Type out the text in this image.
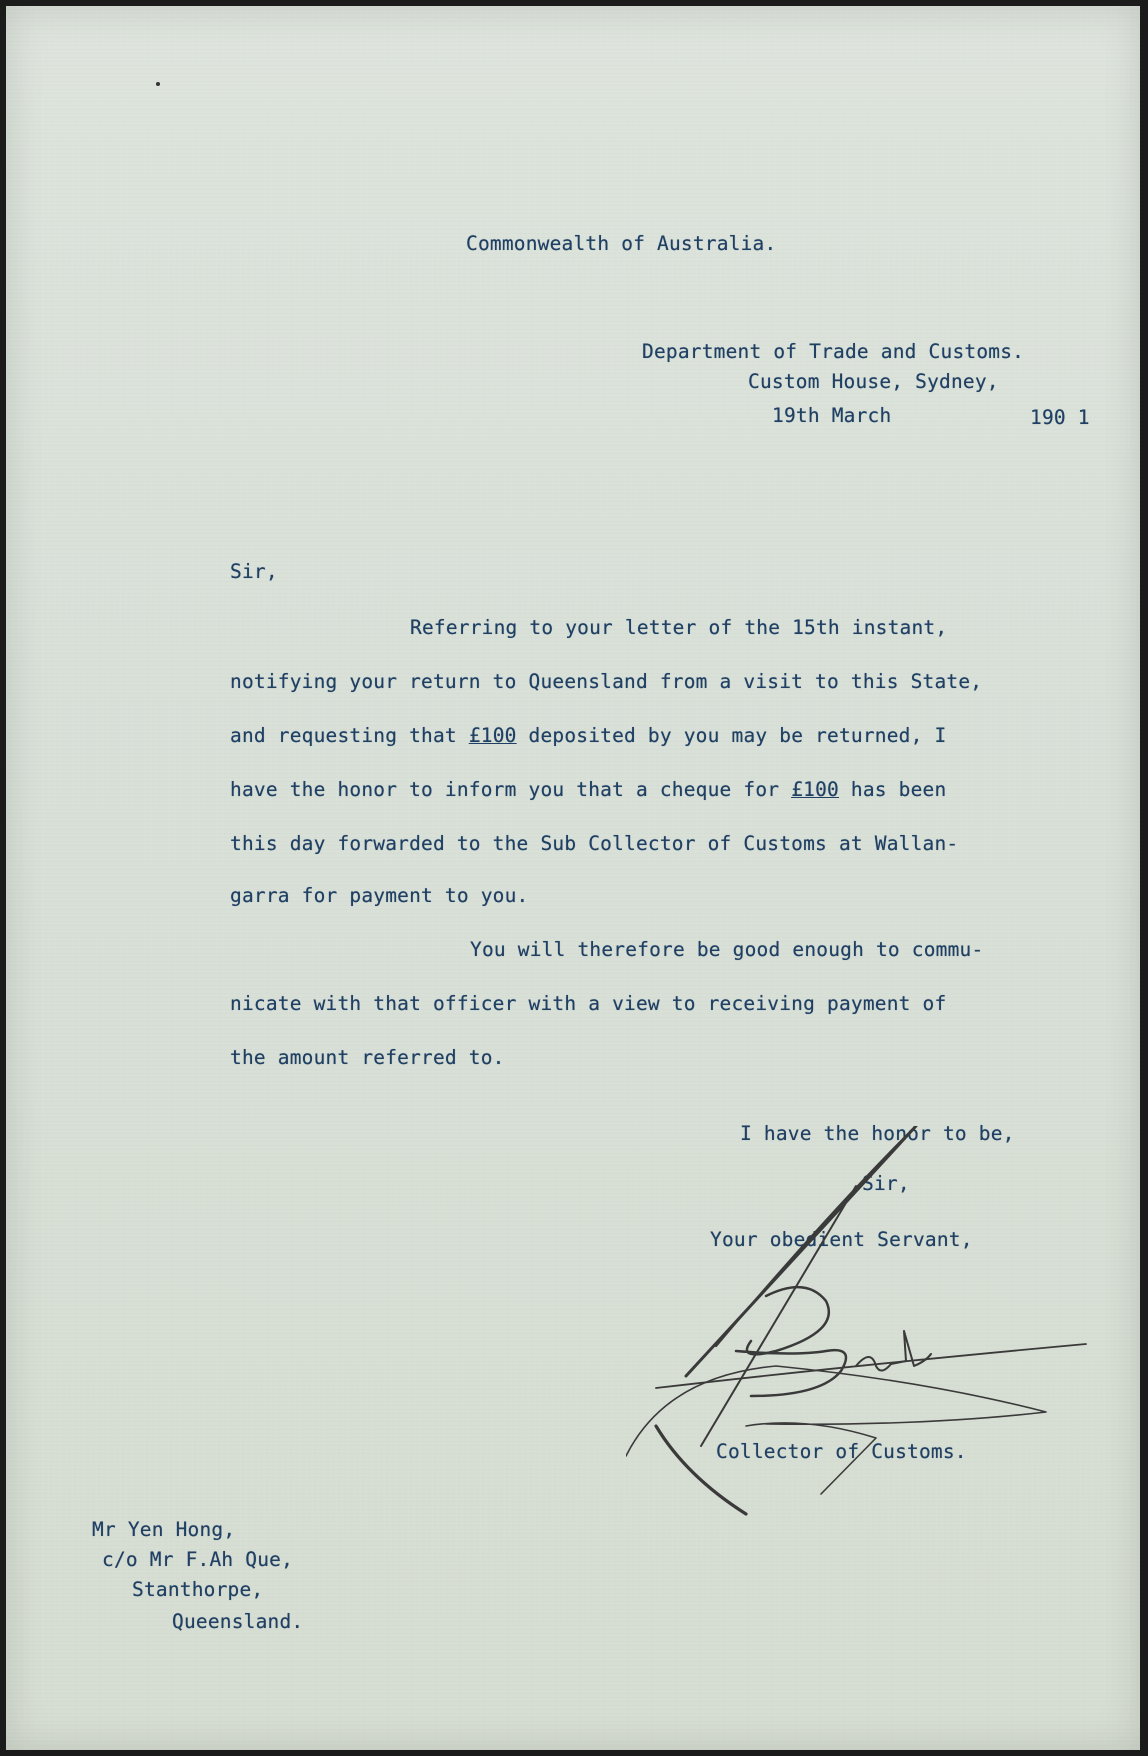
Commonwealth of Australia.
Department of Trade and Customs.
Custom House, Sydney,
19th March	190 1
Sir,
Referring to your letter of the 15th instant,
notifying your return to Queensland from a visit to this State,
and requesting that £100 deposited by you may be returned, I
have the honor to inform you that a cheque for £100 has been
this day forwarded to the Sub Collector of Customs at Wallan-
garra for payment to you.
You will therefore be good enough to commu-
nicate with that officer with a view to receiving payment of
the amount referred to.
I have the honor to be,
Sir,
Your obedient Servant,
Collector of Customs.
Mr Yen Hong,
c/o Mr F.Ah Que,
Stanthorpe,
Queensland.
